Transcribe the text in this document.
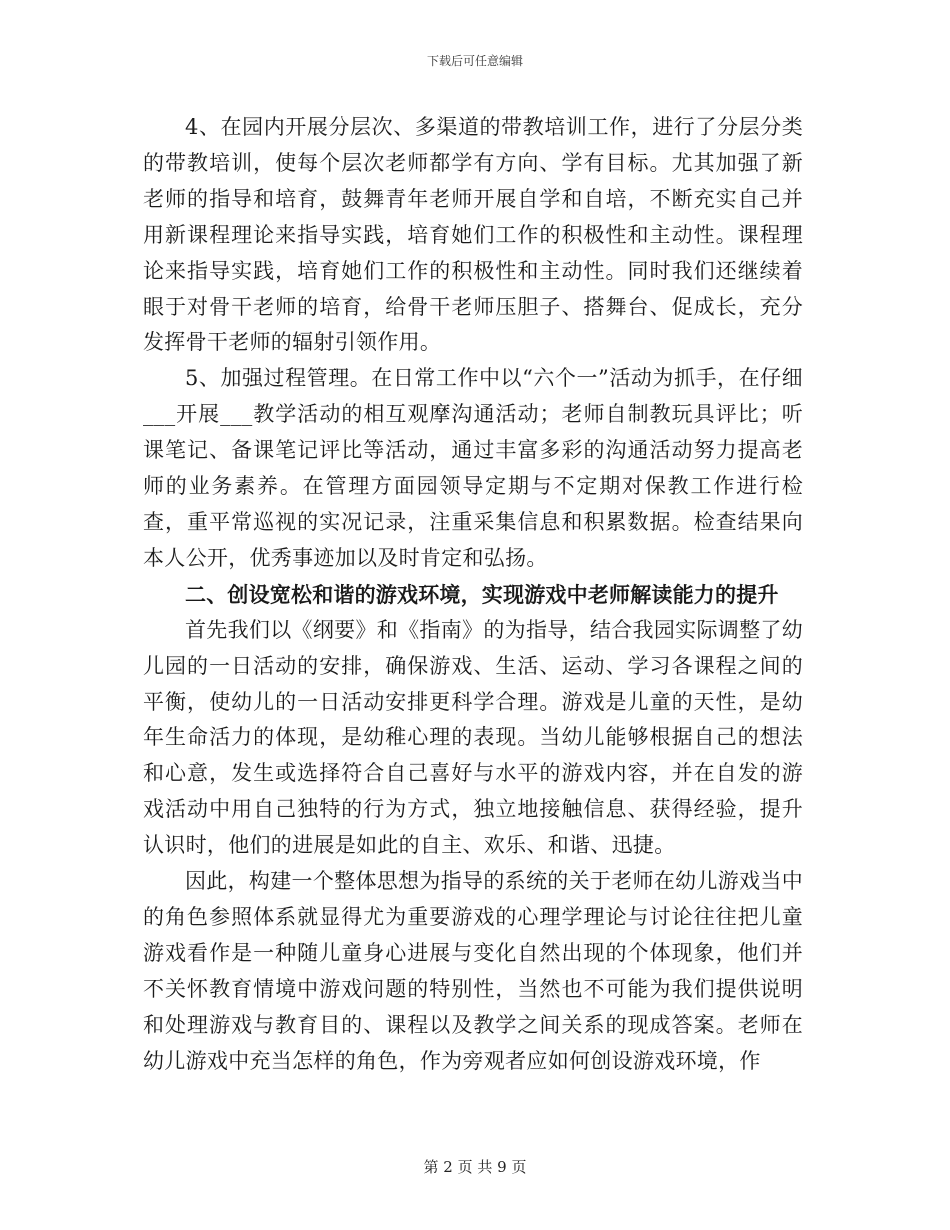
下载后可任意编辑

4、在园内开展分层次、多渠道的带教培训工作，进行了分层分类的带教培训，使每个层次老师都学有方向、学有目标。尤其加强了新老师的指导和培育，鼓舞青年老师开展自学和自培，不断充实自己并用新课程理论来指导实践，培育她们工作的积极性和主动性。课程理论来指导实践，培育她们工作的积极性和主动性。同时我们还继续着眼于对骨干老师的培育，给骨干老师压胆子、搭舞台、促成长，充分发挥骨干老师的辐射引领作用。

5、加强过程管理。在日常工作中以“六个一”活动为抓手，在仔细___开展___教学活动的相互观摩沟通活动；老师自制教玩具评比；听课笔记、备课笔记评比等活动，通过丰富多彩的沟通活动努力提高老师的业务素养。在管理方面园领导定期与不定期对保教工作进行检查，重平常巡视的实况记录，注重采集信息和积累数据。检查结果向本人公开，优秀事迹加以及时肯定和弘扬。

二、创设宽松和谐的游戏环境，实现游戏中老师解读能力的提升

首先我们以《纲要》和《指南》的为指导，结合我园实际调整了幼儿园的一日活动的安排，确保游戏、生活、运动、学习各课程之间的平衡，使幼儿的一日活动安排更科学合理。游戏是儿童的天性，是幼年生命活力的体现，是幼稚心理的表现。当幼儿能够根据自己的想法和心意，发生或选择符合自己喜好与水平的游戏内容，并在自发的游戏活动中用自己独特的行为方式，独立地接触信息、获得经验，提升认识时，他们的进展是如此的自主、欢乐、和谐、迅捷。

因此，构建一个整体思想为指导的系统的关于老师在幼儿游戏当中的角色参照体系就显得尤为重要游戏的心理学理论与讨论往往把儿童游戏看作是一种随儿童身心进展与变化自然出现的个体现象，他们并不关怀教育情境中游戏问题的特别性，当然也不可能为我们提供说明和处理游戏与教育目的、课程以及教学之间关系的现成答案。老师在幼儿游戏中充当怎样的角色，作为旁观者应如何创设游戏环境，作

第 2 页 共 9 页
